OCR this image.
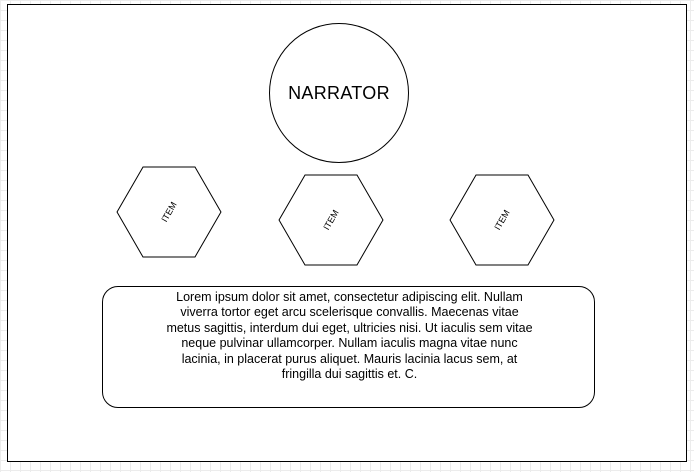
NARRATOR
ITEM	ITEM	ITEM
Lorem ipsum dolor sit amet, consectetur adipiscing elit. Nullam viverra tortor eget arcu scelerisque convallis. Maecenas vitae metus sagittis, interdum dui eget, ultricies nisi. Ut iaculis sem vitae neque pulvinar ullamcorper. Nullam iaculis magna vitae nunc lacinia, in placerat purus aliquet. Mauris lacinia lacus sem, at fringilla dui sagittis et. C.
